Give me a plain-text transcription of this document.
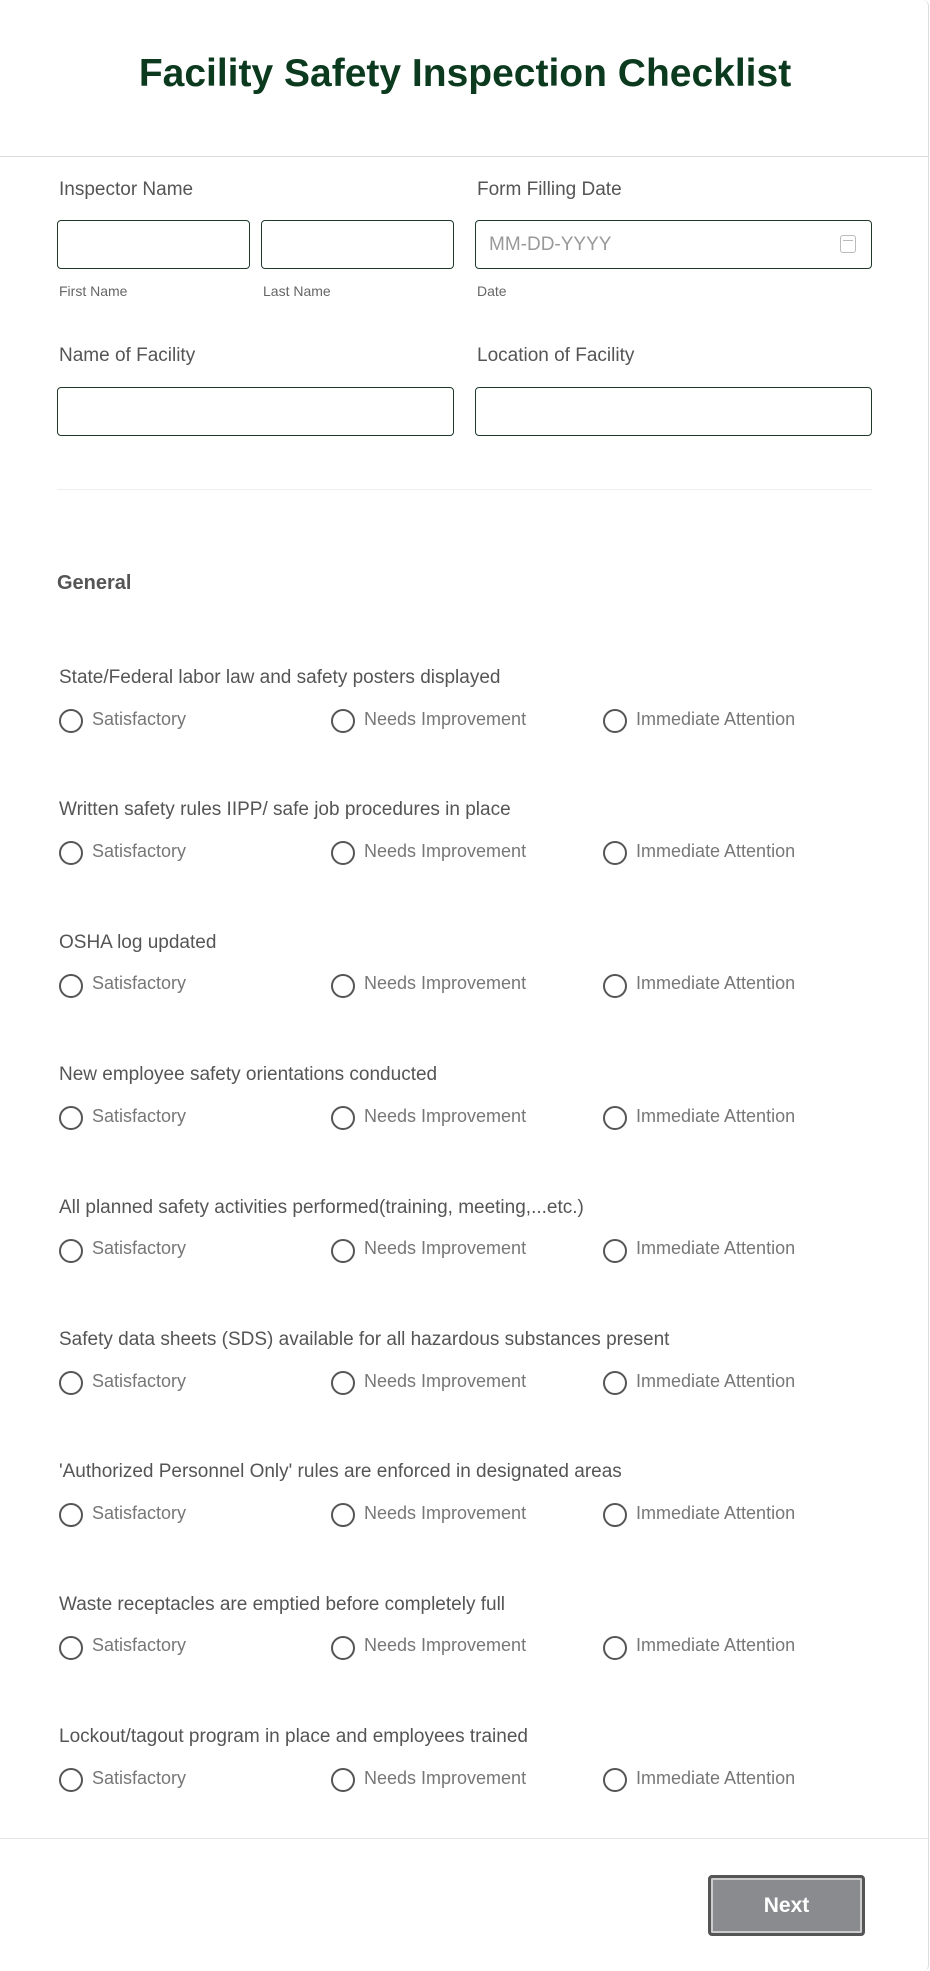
Facility Safety Inspection Checklist
Inspector Name
First Name	Last Name
Form Filling Date
MM-DD-YYYY
Date
Name of Facility	Location of Facility
General
State/Federal labor law and safety posters displayed
Satisfactory	Needs Improvement	Immediate Attention
Written safety rules IIPP/ safe job procedures in place
Satisfactory	Needs Improvement	Immediate Attention
OSHA log updated
Satisfactory	Needs Improvement	Immediate Attention
New employee safety orientations conducted
Satisfactory	Needs Improvement	Immediate Attention
All planned safety activities performed(training, meeting,...etc.)
Satisfactory	Needs Improvement	Immediate Attention
Safety data sheets (SDS) available for all hazardous substances present
Satisfactory	Needs Improvement	Immediate Attention
'Authorized Personnel Only' rules are enforced in designated areas
Satisfactory	Needs Improvement	Immediate Attention
Waste receptacles are emptied before completely full
Satisfactory	Needs Improvement	Immediate Attention
Lockout/tagout program in place and employees trained
Satisfactory	Needs Improvement	Immediate Attention
Next
